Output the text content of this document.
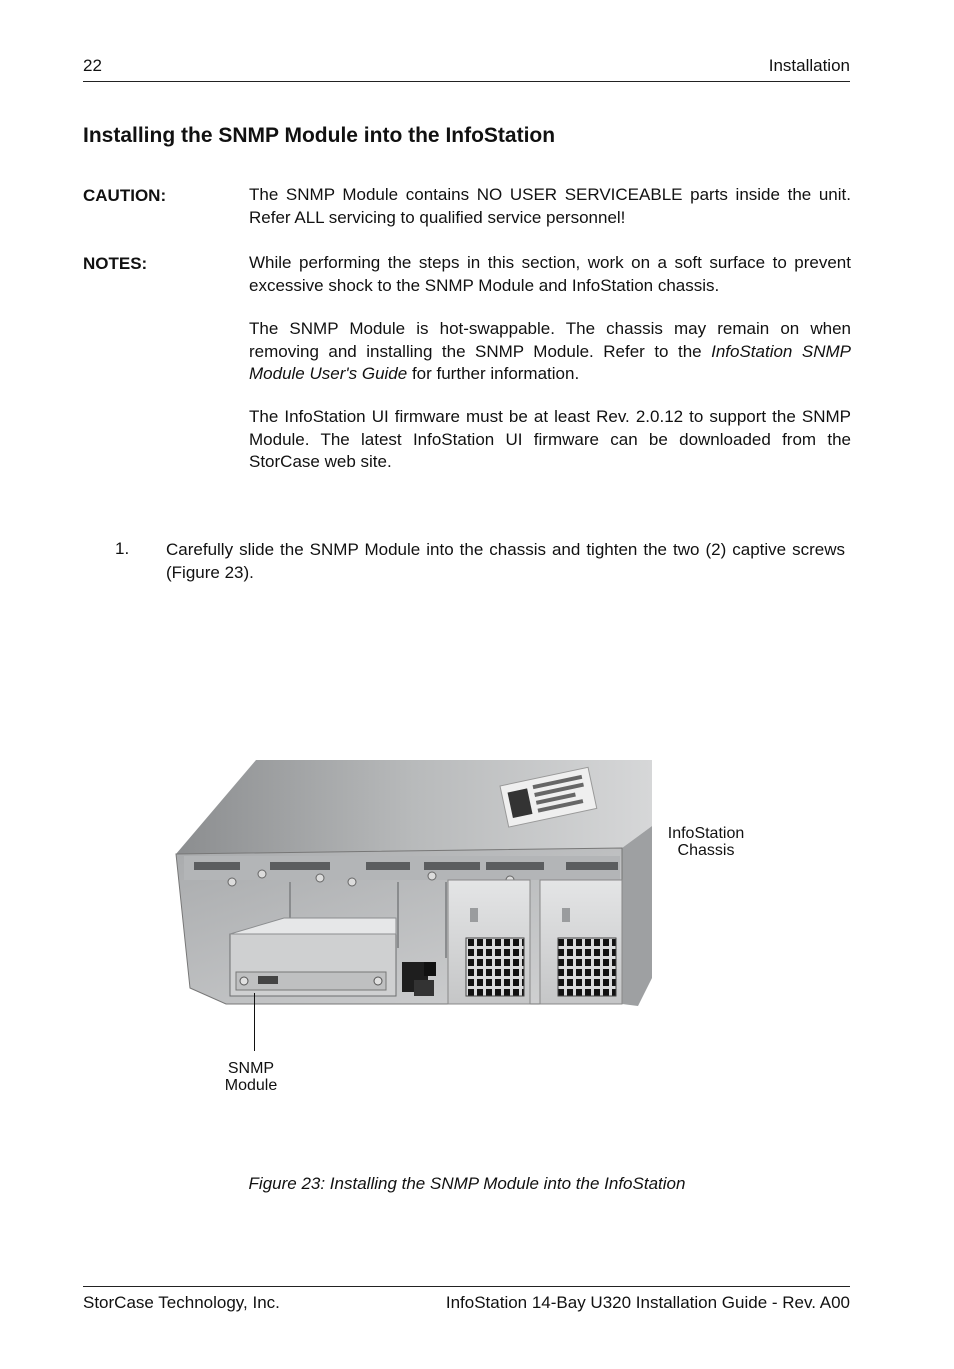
22	Installation
Installing the SNMP Module into the InfoStation
CAUTION:	The SNMP Module contains NO USER SERVICEABLE parts inside the unit. Refer ALL servicing to qualified service personnel!
NOTES:	While performing the steps in this section, work on a soft surface to prevent excessive shock to the SNMP Module and InfoStation chassis.
The SNMP Module is hot-swappable. The chassis may remain on when removing and installing the SNMP Module. Refer to the InfoStation SNMP Module User's Guide for further information.
The InfoStation UI firmware must be at least Rev. 2.0.12 to support the SNMP Module. The latest InfoStation UI firmware can be downloaded from the StorCase web site.
1. Carefully slide the SNMP Module into the chassis and tighten the two (2) captive screws (Figure 23).
InfoStation
Chassis
SNMP
Module
Figure 23: Installing the SNMP Module into the InfoStation
StorCase Technology, Inc.	InfoStation 14-Bay U320 Installation Guide - Rev. A00
